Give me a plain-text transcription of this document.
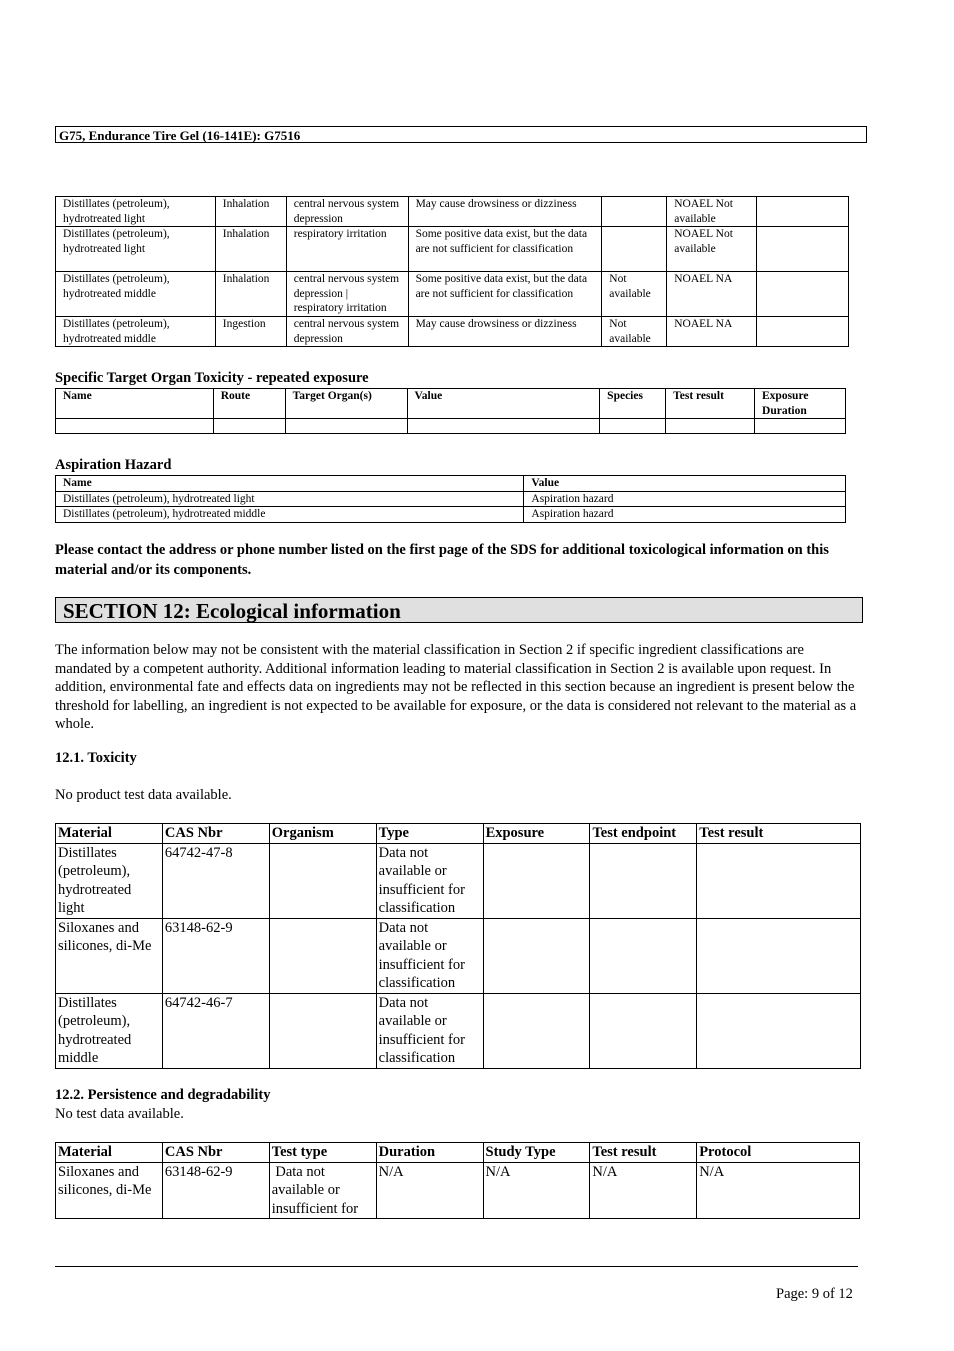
G75, Endurance Tire Gel (16-141E): G7516
Distillates (petroleum), hydrotreated light	Inhalation	central nervous system depression	May cause drowsiness or dizziness		NOAEL Not available	
Distillates (petroleum), hydrotreated light	Inhalation	respiratory irritation	Some positive data exist, but the data are not sufficient for classification		NOAEL Not available	
Distillates (petroleum), hydrotreated middle	Inhalation	central nervous system depression | respiratory irritation	Some positive data exist, but the data are not sufficient for classification	Not available	NOAEL NA	
Distillates (petroleum), hydrotreated middle	Ingestion	central nervous system depression	May cause drowsiness or dizziness	Not available	NOAEL NA	
Specific Target Organ Toxicity - repeated exposure
Name	Route	Target Organ(s)	Value	Species	Test result	Exposure Duration

Aspiration Hazard
Name	Value
Distillates (petroleum), hydrotreated light	Aspiration hazard
Distillates (petroleum), hydrotreated middle	Aspiration hazard
Please contact the address or phone number listed on the first page of the SDS for additional toxicological information on this material and/or its components.
SECTION 12: Ecological information
The information below may not be consistent with the material classification in Section 2 if specific ingredient classifications are mandated by a competent authority. Additional information leading to material classification in Section 2 is available upon request. In addition, environmental fate and effects data on ingredients may not be reflected in this section because an ingredient is present below the threshold for labelling, an ingredient is not expected to be available for exposure, or the data is considered not relevant to the material as a whole.
12.1. Toxicity
No product test data available.
Material	CAS Nbr	Organism	Type	Exposure	Test endpoint	Test result
Distillates (petroleum), hydrotreated light	64742-47-8		Data not available or insufficient for classification			
Siloxanes and silicones, di-Me	63148-62-9		Data not available or insufficient for classification			
Distillates (petroleum), hydrotreated middle	64742-46-7		Data not available or insufficient for classification			
12.2. Persistence and degradability
No test data available.
Material	CAS Nbr	Test type	Duration	Study Type	Test result	Protocol
Siloxanes and silicones, di-Me	63148-62-9	Data not available or insufficient for	N/A	N/A	N/A	N/A
Page: 9 of 12
